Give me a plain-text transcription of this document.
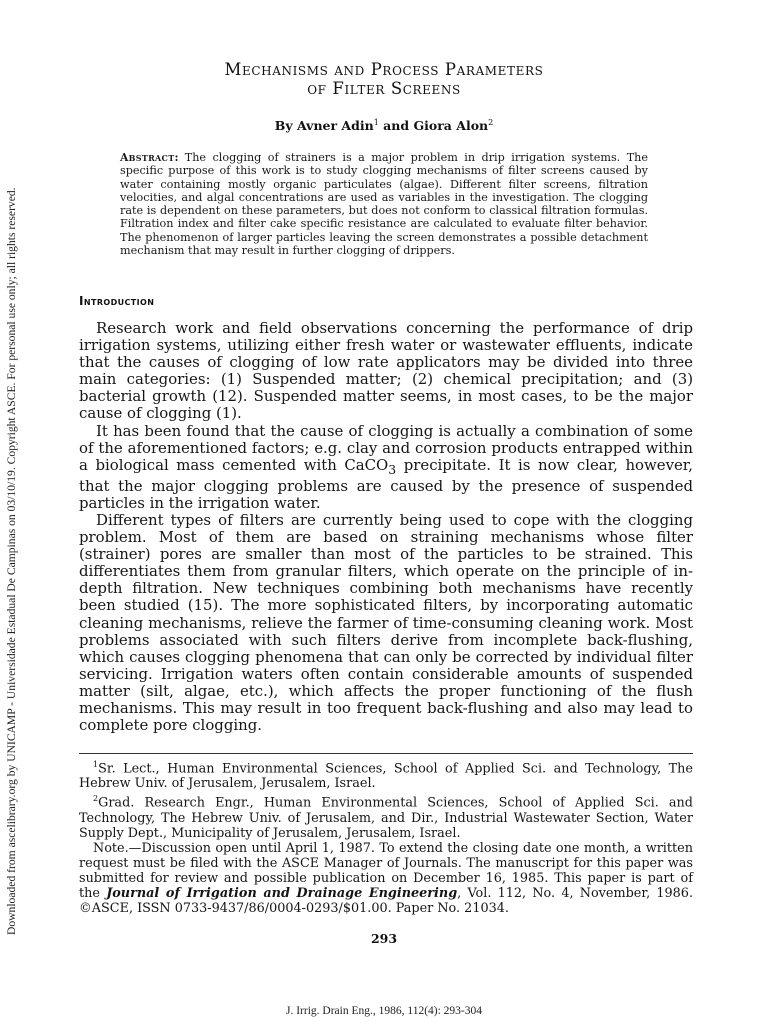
Downloaded from ascelibrary.org by UNICAMP - Universidade Estadual De Campinas on 03/10/19. Copyright ASCE. For personal use only; all rights reserved.
Mechanisms and Process Parameters
of Filter Screens
By Avner Adin$^1$ and Giora Alon$^2$
Abstract: The clogging of strainers is a major problem in drip irrigation systems. The specific purpose of this work is to study clogging mechanisms of filter screens caused by water containing mostly organic particulates (algae). Different filter screens, filtration velocities, and algal concentrations are used as variables in the investigation. The clogging rate is dependent on these parameters, but does not conform to classical filtration formulas. Filtration index and filter cake specific resistance are calculated to evaluate filter behavior. The phenomenon of larger particles leaving the screen demonstrates a possible detachment mechanism that may result in further clogging of drippers.
Introduction

Research work and field observations concerning the performance of drip irrigation systems, utilizing either fresh water or wastewater effluents, indicate that the causes of clogging of low rate applicators may be divided into three main categories: (1) Suspended matter; (2) chemical precipitation; and (3) bacterial growth (12). Suspended matter seems, in most cases, to be the major cause of clogging (1).

It has been found that the cause of clogging is actually a combination of some of the aforementioned factors; e.g. clay and corrosion products entrapped within a biological mass cemented with CaCO$_3$ precipitate. It is now clear, however, that the major clogging problems are caused by the presence of suspended particles in the irrigation water.

Different types of filters are currently being used to cope with the clogging problem. Most of them are based on straining mechanisms whose filter (strainer) pores are smaller than most of the particles to be strained. This differentiates them from granular filters, which operate on the principle of in-depth filtration. New techniques combining both mechanisms have recently been studied (15). The more sophisticated filters, by incorporating automatic cleaning mechanisms, relieve the farmer of time-consuming cleaning work. Most problems associated with such filters derive from incomplete back-flushing, which causes clogging phenomena that can only be corrected by individual filter servicing. Irrigation waters often contain considerable amounts of suspended matter (silt, algae, etc.), which affects the proper functioning of the flush mechanisms. This may result in too frequent back-flushing and also may lead to complete pore clogging.

$^1$Sr. Lect., Human Environmental Sciences, School of Applied Sci. and Technology, The Hebrew Univ. of Jerusalem, Jerusalem, Israel.

$^2$Grad. Research Engr., Human Environmental Sciences, School of Applied Sci. and Technology, The Hebrew Univ. of Jerusalem, and Dir., Industrial Wastewater Section, Water Supply Dept., Municipality of Jerusalem, Jerusalem, Israel.

Note.—Discussion open until April 1, 1987. To extend the closing date one month, a written request must be filed with the ASCE Manager of Journals. The manuscript for this paper was submitted for review and possible publication on December 16, 1985. This paper is part of the Journal of Irrigation and Drainage Engineering, Vol. 112, No. 4, November, 1986. ©ASCE, ISSN 0733-9437/86/0004-0293/$01.00. Paper No. 21034.

293
J. Irrig. Drain Eng., 1986, 112(4): 293-304
